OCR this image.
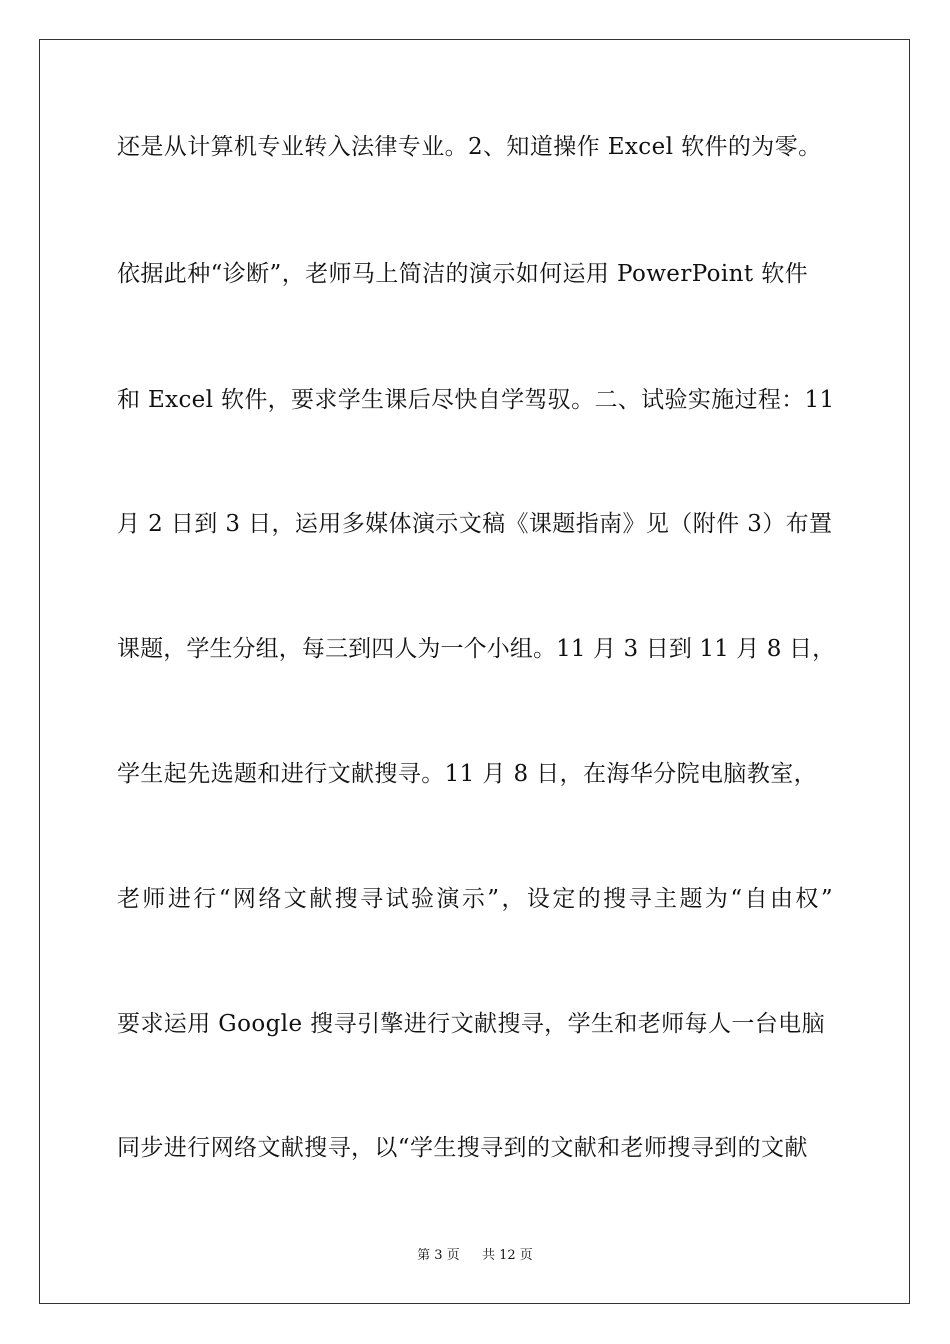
还是从计算机专业转入法律专业。2、知道操作 Excel 软件的为零。
依据此种“诊断”，老师马上简洁的演示如何运用 PowerPoint 软件
和 Excel 软件，要求学生课后尽快自学驾驭。二、试验实施过程：11
月 2 日到 3 日，运用多媒体演示文稿《课题指南》见（附件 3）布置
课题，学生分组，每三到四人为一个小组。11 月 3 日到 11 月 8 日，
学生起先选题和进行文献搜寻。11 月 8 日，在海华分院电脑教室，
老师进行“网络文献搜寻试验演示”，设定的搜寻主题为“自由权”
要求运用 Google 搜寻引擎进行文献搜寻，学生和老师每人一台电脑
同步进行网络文献搜寻，以“学生搜寻到的文献和老师搜寻到的文献
第 3 页 共 12 页
